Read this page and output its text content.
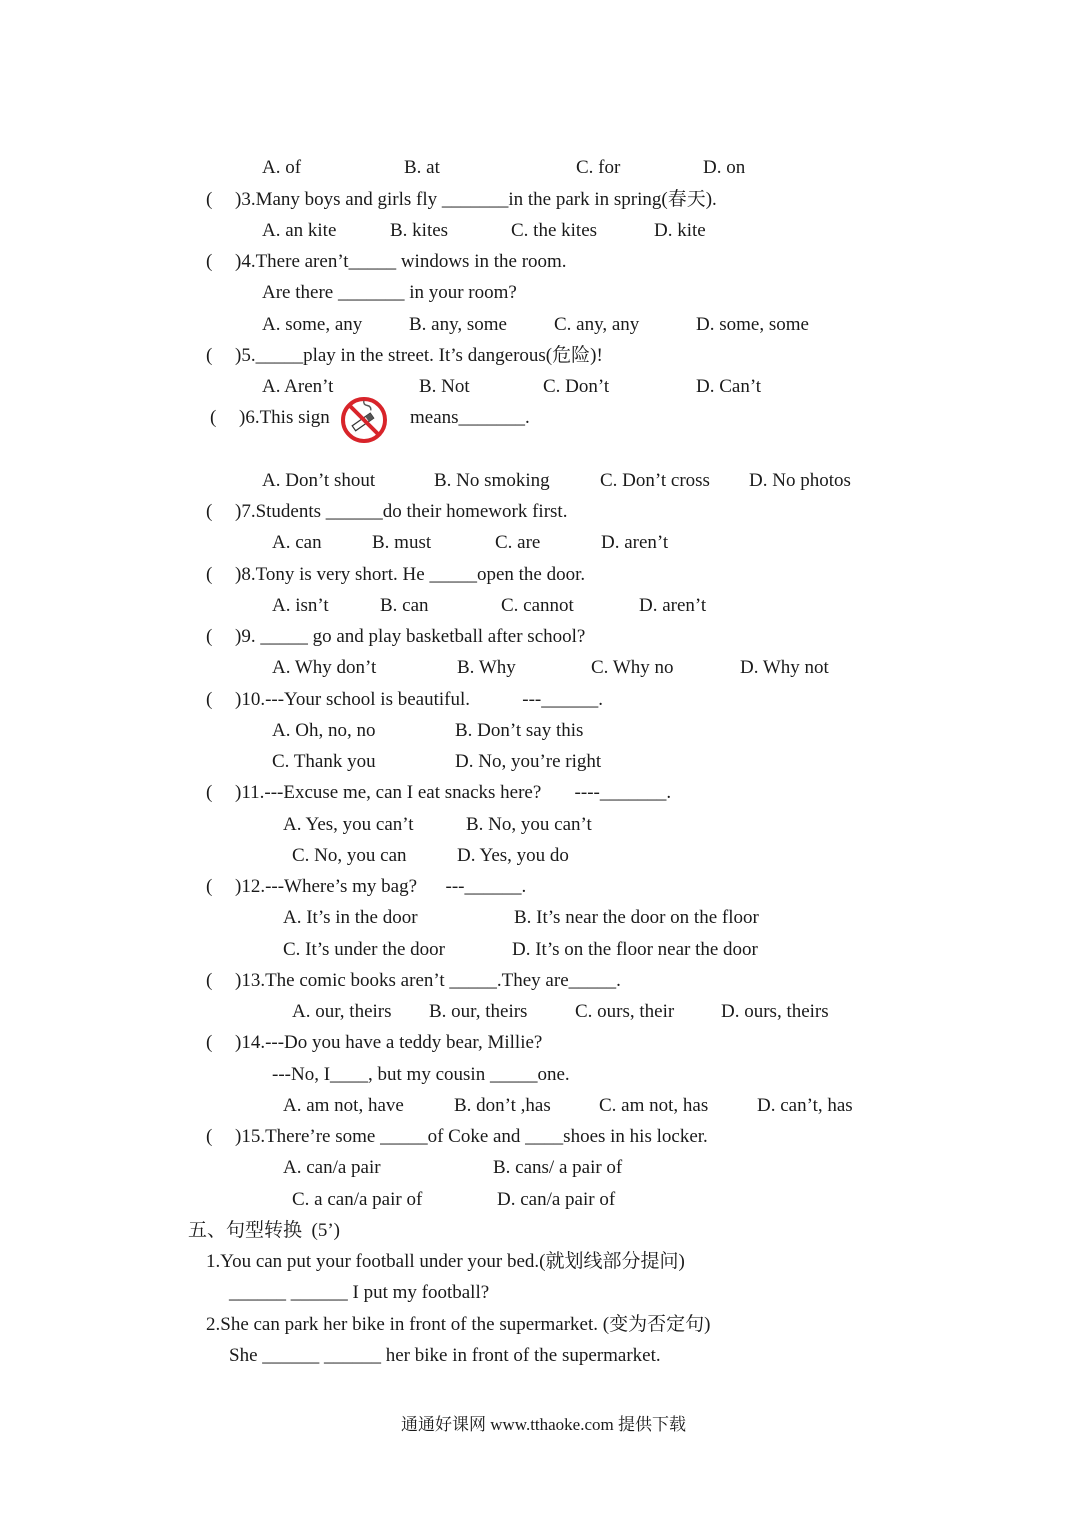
A. of	B. at	C. for	D. on
( )3.Many boys and girls fly _______in the park in spring(春天).
A. an kite	B. kites	C. the kites	D. kite
( )4.There aren’t_____ windows in the room.
Are there _______ in your room?
A. some, any B. any, some C. any, any	D. some, some
( )5._____play in the street. It’s dangerous(危险)!
A. Aren’t	B. Not	C. Don’t	D. Can’t
( )6.This sign	means_______.
A. Don’t shout	B. No smoking	C. Don’t cross D. No photos
( )7.Students ______do their homework first.
A. can	B. must	C. are	D. aren’t
( )8.Tony is very short. He _____open the door.
A. isn’t	B. can	C. cannot	D. aren’t
( )9. _____ go and play basketball after school?
A. Why don’t	B. Why	C. Why no	D. Why not
( )10.---Your school is beautiful.           ---______.
A. Oh, no, no	B. Don’t say this
C. Thank you	D. No, you’re right
( )11.---Excuse me, can I eat snacks here?       ----_______.
A. Yes, you can’t	B. No, you can’t
C. No, you can	D. Yes, you do
( )12.---Where’s my bag?      ---______.
A. It’s in the door	B. It’s near the door on the floor
C. It’s under the door	D. It’s on the floor near the door
( )13.The comic books aren’t _____.They are_____.
A. our, theirs B. our, theirs	C. ours, their D. ours, theirs
( )14.---Do you have a teddy bear, Millie?
---No, I____, but my cousin _____one.
A. am not, have	B. don’t ,has	C. am not, has	D. can’t, has
( )15.There’re some _____of Coke and ____shoes in his locker.
A. can/a pair	B. cans/ a pair of
C. a can/a pair of	D. can/a pair of
五、句型转换  (5’)
1.You can put your football under your bed.(就划线部分提问)
______ ______ I put my football?
2.She can park her bike in front of the supermarket. (变为否定句)
She ______ ______ her bike in front of the supermarket.
通通好课网 www.tthaoke.com 提供下载
